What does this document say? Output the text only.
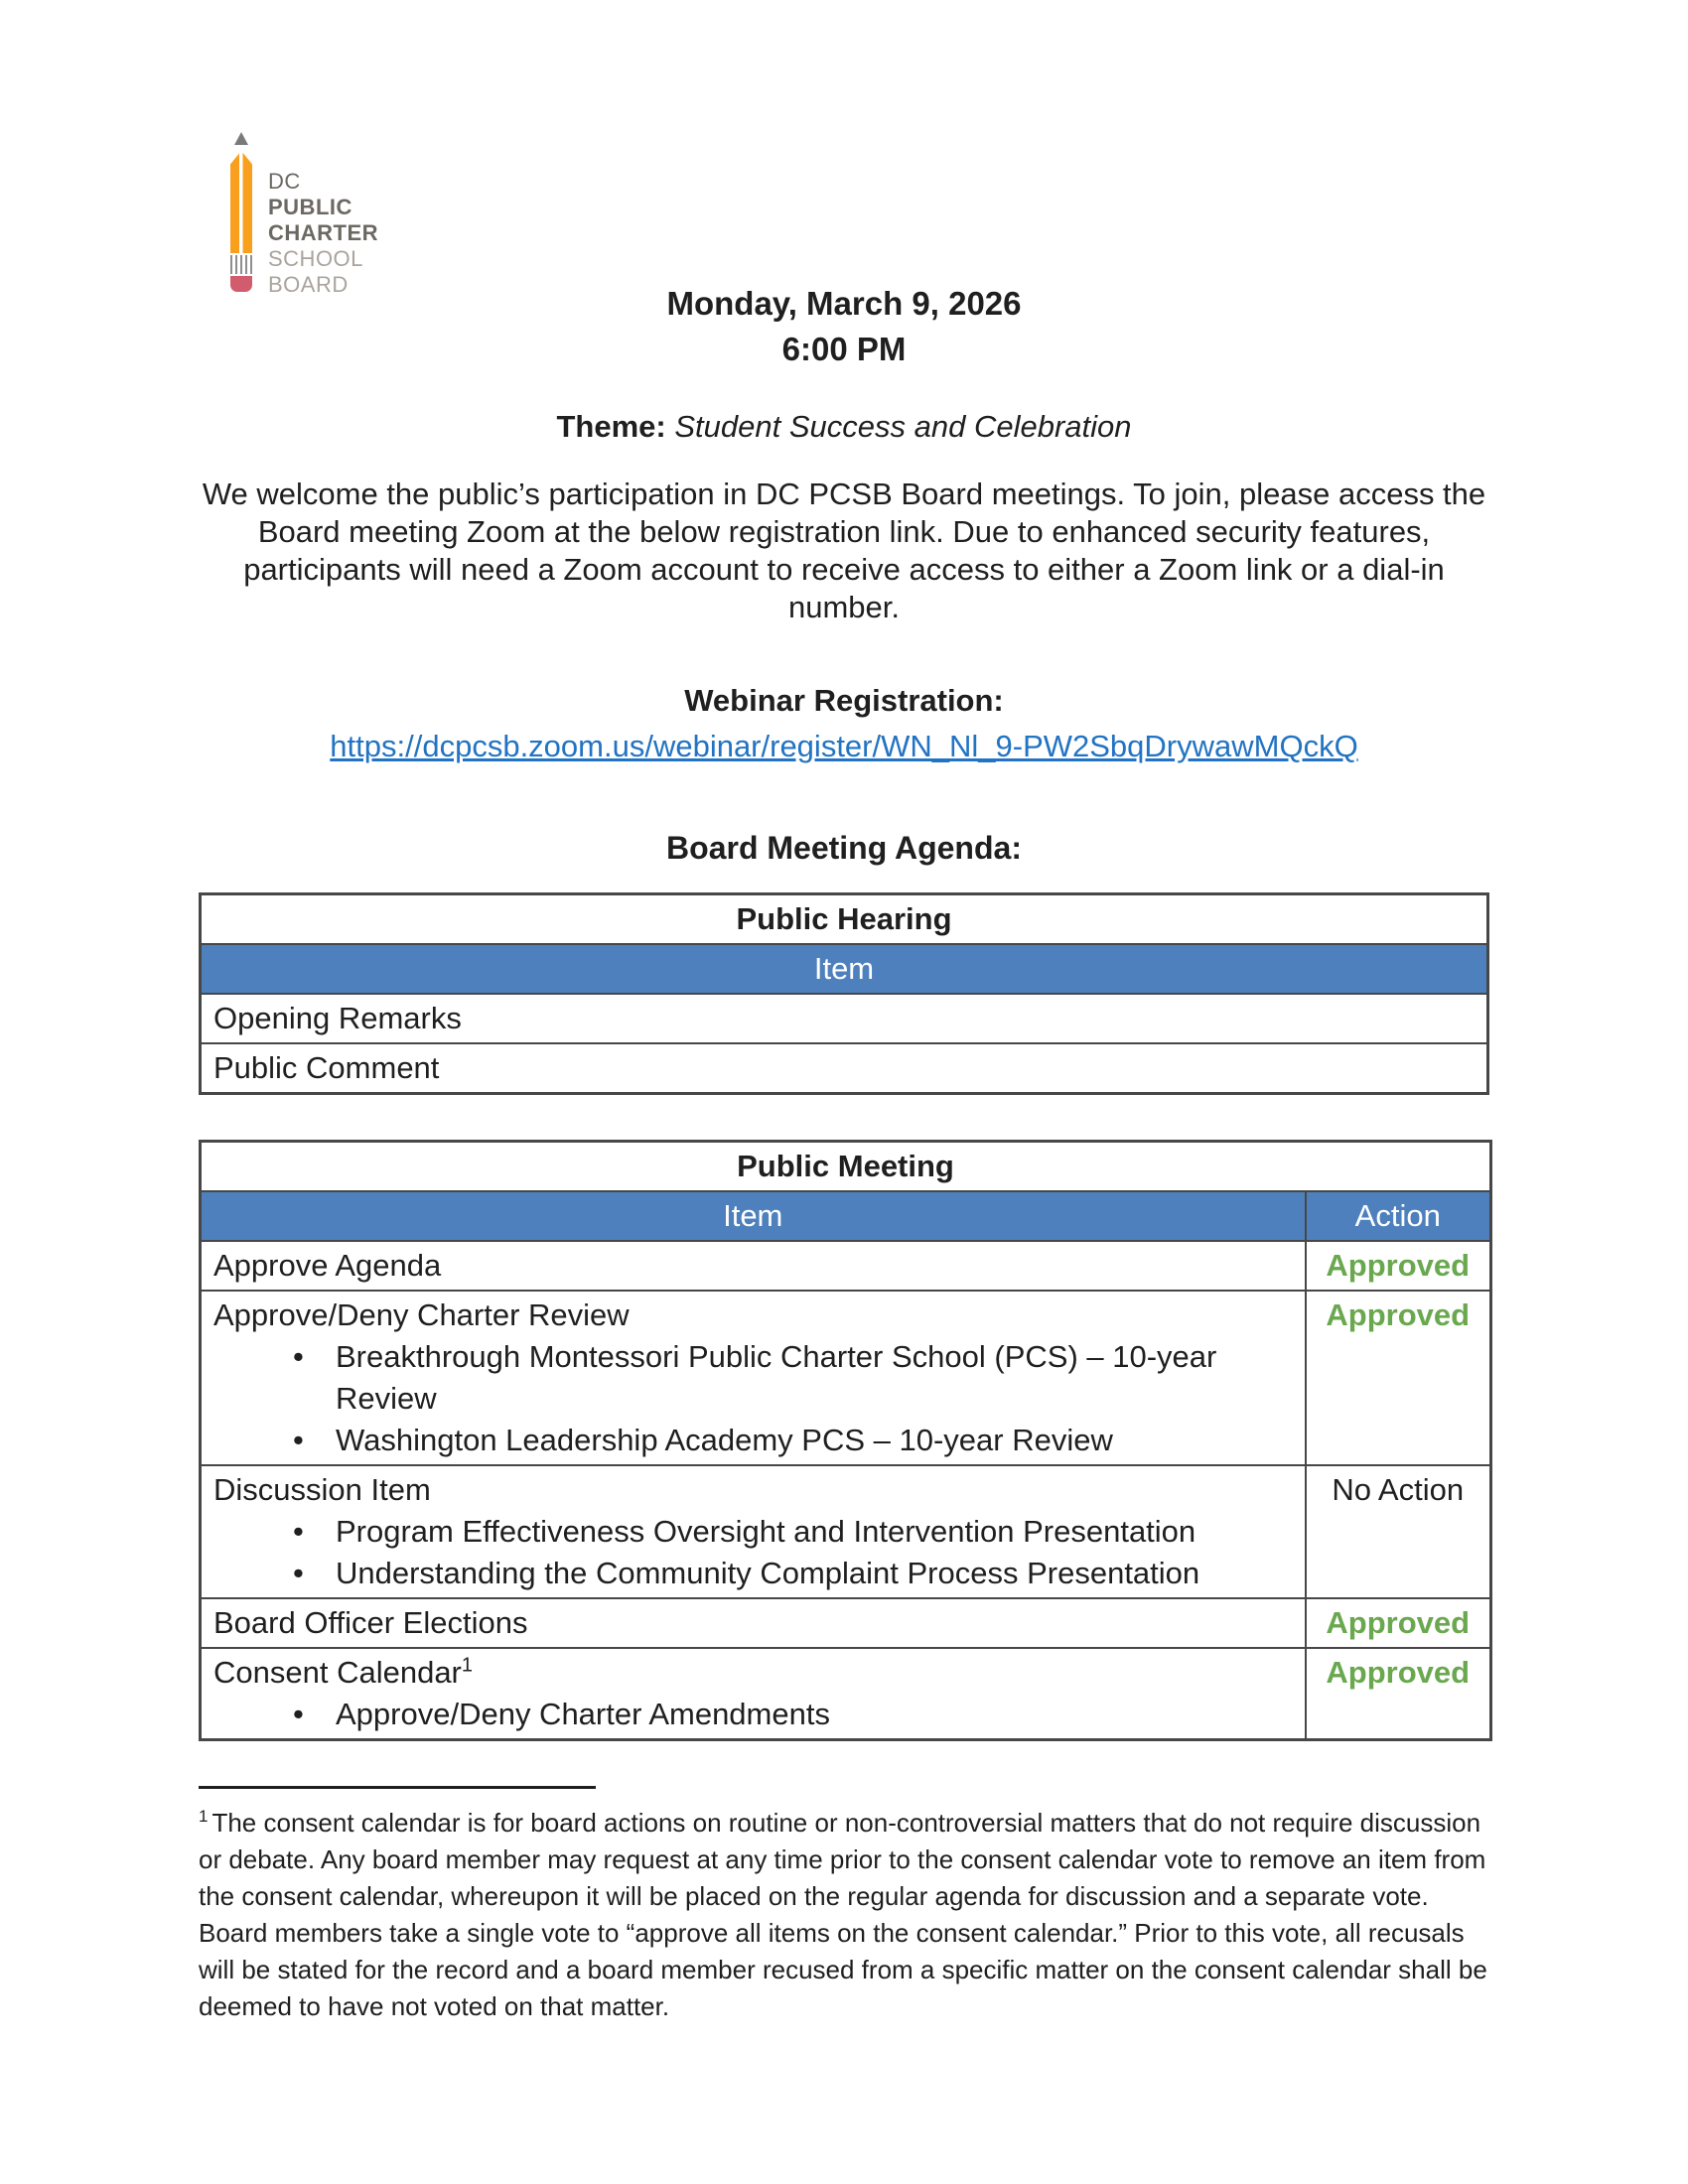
DC
PUBLIC
CHARTER
SCHOOL
BOARD
Monday, March 9, 2026
6:00 PM
Theme: Student Success and Celebration
We welcome the public’s participation in DC PCSB Board meetings. To join, please access the Board meeting Zoom at the below registration link. Due to enhanced security features, participants will need a Zoom account to receive access to either a Zoom link or a dial-in number.
Webinar Registration:
https://dcpcsb.zoom.us/webinar/register/WN_Nl_9-PW2SbqDrywawMQckQ
Board Meeting Agenda:
Public Hearing
Item
Opening Remarks
Public Comment
Public Meeting	
Item	Action
Approve Agenda	Approved
Approve/Deny Charter Review
• Breakthrough Montessori Public Charter School (PCS) – 10-year Review
• Washington Leadership Academy PCS – 10-year Review
	Approved
Discussion Item
• Program Effectiveness Oversight and Intervention Presentation
• Understanding the Community Complaint Process Presentation
	No Action
Board Officer Elections	Approved
Consent Calendar$^1$
• Approve/Deny Charter Amendments
	Approved
$^1$ The consent calendar is for board actions on routine or non-controversial matters that do not require discussion or debate. Any board member may request at any time prior to the consent calendar vote to remove an item from the consent calendar, whereupon it will be placed on the regular agenda for discussion and a separate vote. Board members take a single vote to “approve all items on the consent calendar.” Prior to this vote, all recusals will be stated for the record and a board member recused from a specific matter on the consent calendar shall be deemed to have not voted on that matter.
